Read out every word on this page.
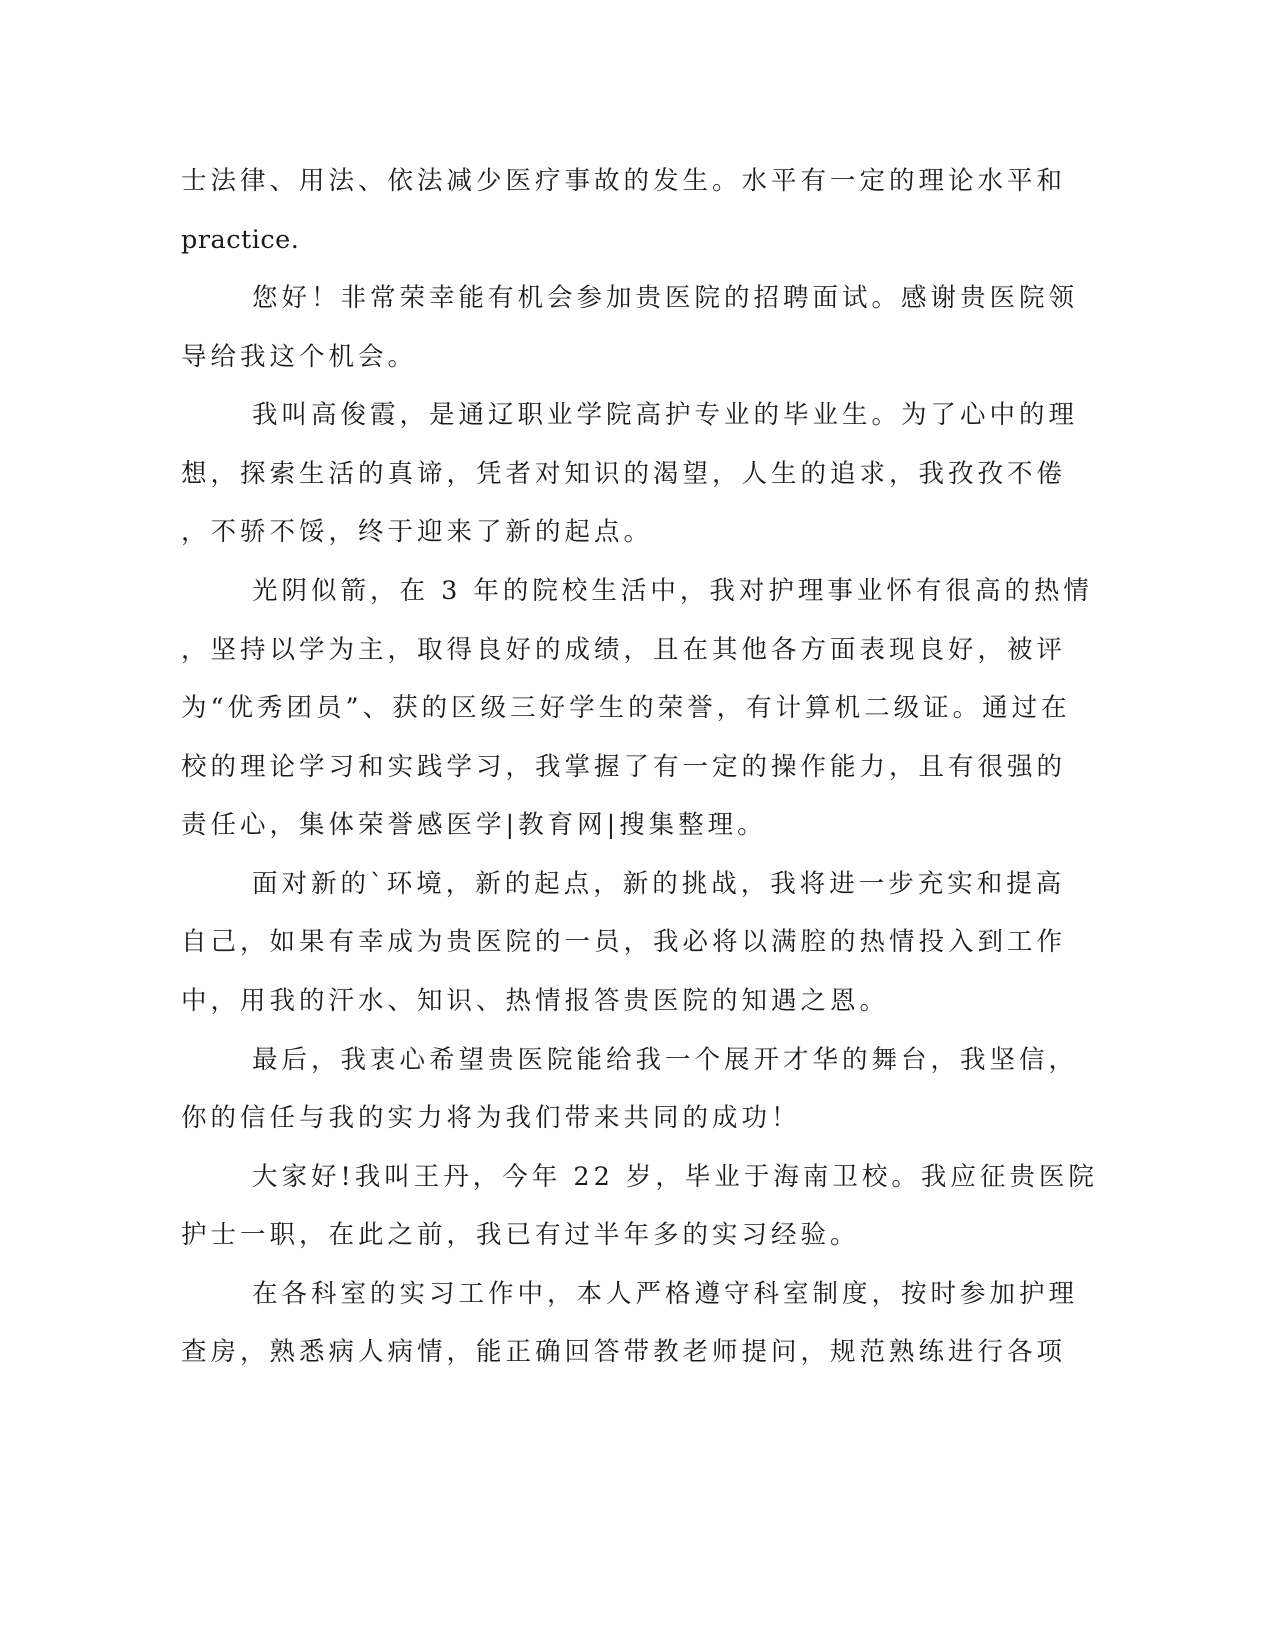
士法律、用法、依法减少医疗事故的发生。水平有一定的理论水平和
practice.
您好！非常荣幸能有机会参加贵医院的招聘面试。感谢贵医院领
导给我这个机会。
我叫高俊霞，是通辽职业学院高护专业的毕业生。为了心中的理
想，探索生活的真谛，凭者对知识的渴望，人生的追求，我孜孜不倦
，不骄不馁，终于迎来了新的起点。
光阴似箭，在 3 年的院校生活中，我对护理事业怀有很高的热情
，坚持以学为主，取得良好的成绩，且在其他各方面表现良好，被评
为“优秀团员”、获的区级三好学生的荣誉，有计算机二级证。通过在
校的理论学习和实践学习，我掌握了有一定的操作能力，且有很强的
责任心，集体荣誉感医学|教育网|搜集整理。
面对新的`环境，新的起点，新的挑战，我将进一步充实和提高
自己，如果有幸成为贵医院的一员，我必将以满腔的热情投入到工作
中，用我的汗水、知识、热情报答贵医院的知遇之恩。
最后，我衷心希望贵医院能给我一个展开才华的舞台，我坚信，
你的信任与我的实力将为我们带来共同的成功！
大家好!我叫王丹，今年 22 岁，毕业于海南卫校。我应征贵医院
护士一职，在此之前，我已有过半年多的实习经验。
在各科室的实习工作中，本人严格遵守科室制度，按时参加护理
查房，熟悉病人病情，能正确回答带教老师提问，规范熟练进行各项
